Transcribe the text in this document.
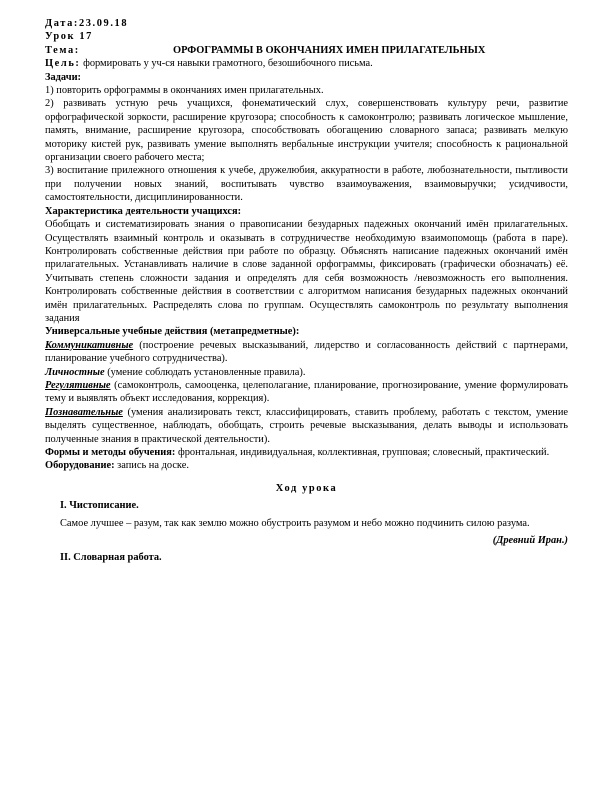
Дата:23.09.18

Урок 17

Тема:	ОРФОГРАММЫ В ОКОНЧАНИЯХ ИМЕН ПРИЛАГАТЕЛЬНЫХ

Цель: формировать у уч-ся навыки грамотного, безошибочного письма.

Задачи:

1) повторить орфограммы в окончаниях имен прилагательных.

2) развивать устную речь учащихся, фонематический слух, совершенствовать культуру речи, развитие орфографической зоркости, расширение кругозора; способность к самоконтролю; развивать логическое мышление, память, внимание, расширение кругозора, способствовать обогащению словарного запаса; развивать мелкую моторику кистей рук, развивать умение выполнять вербальные инструкции учителя; способность к рациональной организации своего рабочего места;

3) воспитание прилежного отношения к учебе, дружелюбия, аккуратности в работе, любознательности, пытливости при получении новых знаний, воспитывать чувство взаимоуважения, взаимовыручки; усидчивости, самостоятельности, дисциплинированности.

Характеристика деятельности учащихся:

Обобщать и систематизировать знания о правописании безударных падежных окончаний имён прилагательных. Осуществлять взаимный контроль и оказывать в сотрудничестве необходимую взаимопомощь (работа в паре). Контролировать собственные действия при работе по образцу. Объяснять написание падежных окончаний имён прилагательных. Устанавливать наличие в слове заданной орфограммы, фиксировать (графически обозначать) её. Учитывать степень сложности задания и определять для себя возможность /невозможность его выполнения. Контролировать собственные действия в соответствии с алгоритмом написания безударных падежных окончаний имён прилагательных. Распределять слова по группам. Осуществлять самоконтроль по результату выполнения задания

Универсальные учебные действия (метапредметные):

Коммуникативные (построение речевых высказываний, лидерство и согласованность действий с партнерами, планирование учебного сотрудничества).

Личностные (умение соблюдать установленные правила).

Регулятивные (самоконтроль, самооценка, целеполагание, планирование, прогнозирование, умение формулировать тему и выявлять объект исследования, коррекция).

Познавательные (умения анализировать текст, классифицировать, ставить проблему, работать с текстом, умение выделять существенное, наблюдать, обобщать, строить речевые высказывания, делать выводы и использовать полученные знания в практической деятельности).

Формы и методы обучения: фронтальная, индивидуальная, коллективная, групповая; словесный, практический.

Оборудование: запись на доске.

Ход урока

I. Чистописание.

Самое лучшее – разум, так как землю можно обустроить разумом и небо можно подчинить силою разума.

(Древний Иран.)

II. Словарная работа.
